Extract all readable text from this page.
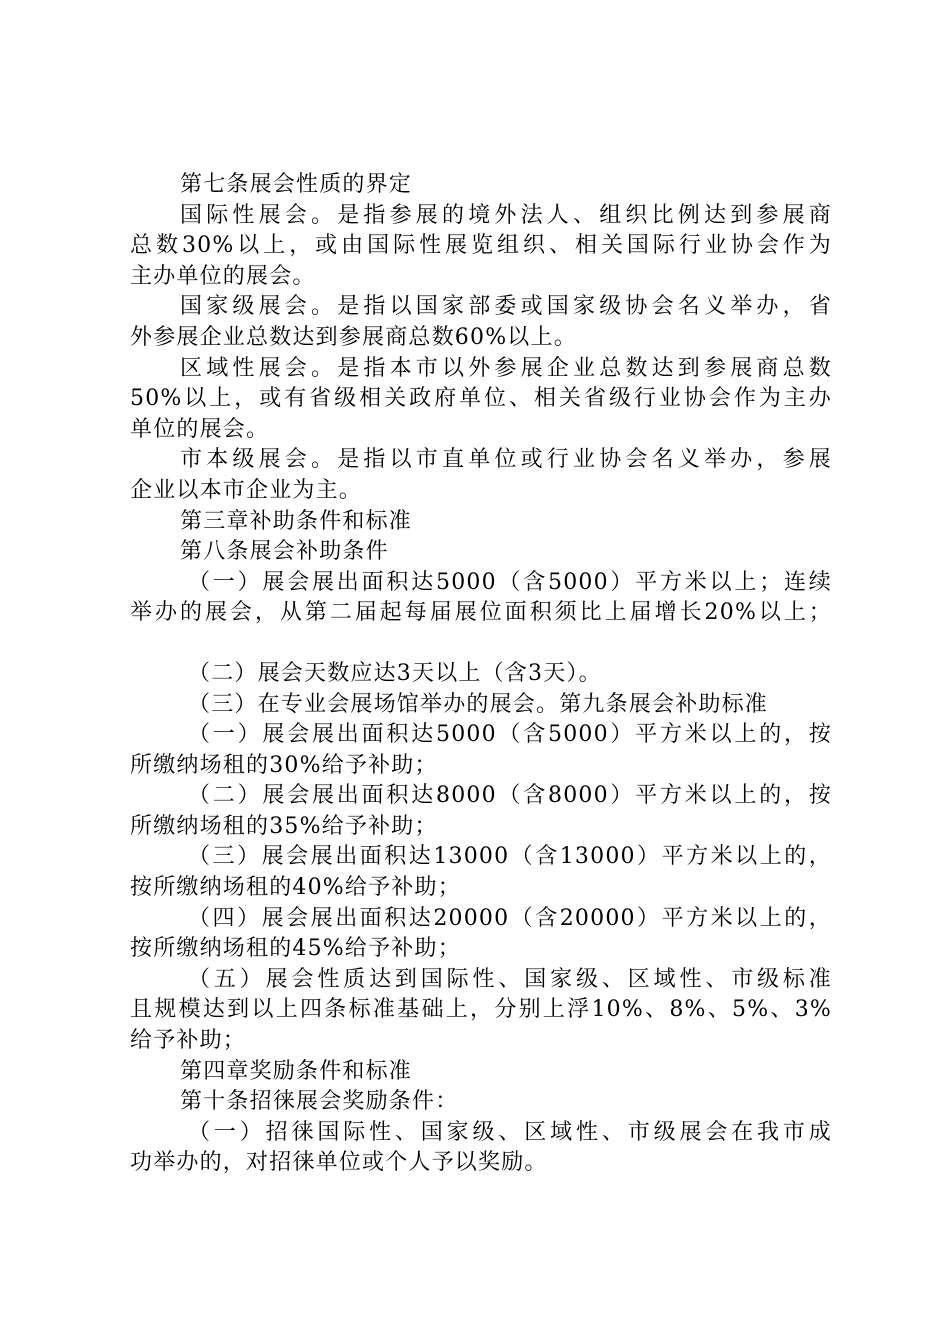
第七条展会性质的界定
国际性展会。是指参展的境外法人、组织比例达到参展商
总数30%以上，或由国际性展览组织、相关国际行业协会作为
主办单位的展会。
国家级展会。是指以国家部委或国家级协会名义举办，省
外参展企业总数达到参展商总数60%以上。
区域性展会。是指本市以外参展企业总数达到参展商总数
50%以上，或有省级相关政府单位、相关省级行业协会作为主办
单位的展会。
市本级展会。是指以市直单位或行业协会名义举办，参展
企业以本市企业为主。
第三章补助条件和标准
第八条展会补助条件
（一）展会展出面积达5000（含5000）平方米以上；连续
举办的展会，从第二届起每届展位面积须比上届增长20%以上；
（二）展会天数应达3天以上（含3天）。
（三）在专业会展场馆举办的展会。第九条展会补助标准
（一）展会展出面积达5000（含5000）平方米以上的，按
所缴纳场租的30%给予补助；
（二）展会展出面积达8000（含8000）平方米以上的，按
所缴纳场租的35%给予补助；
（三）展会展出面积达13000（含13000）平方米以上的，
按所缴纳场租的40%给予补助；
（四）展会展出面积达20000（含20000）平方米以上的，
按所缴纳场租的45%给予补助；
（五）展会性质达到国际性、国家级、区域性、市级标准
且规模达到以上四条标准基础上，分别上浮10%、8%、5%、3%
给予补助；
第四章奖励条件和标准
第十条招徕展会奖励条件：
（一）招徕国际性、国家级、区域性、市级展会在我市成
功举办的，对招徕单位或个人予以奖励。
